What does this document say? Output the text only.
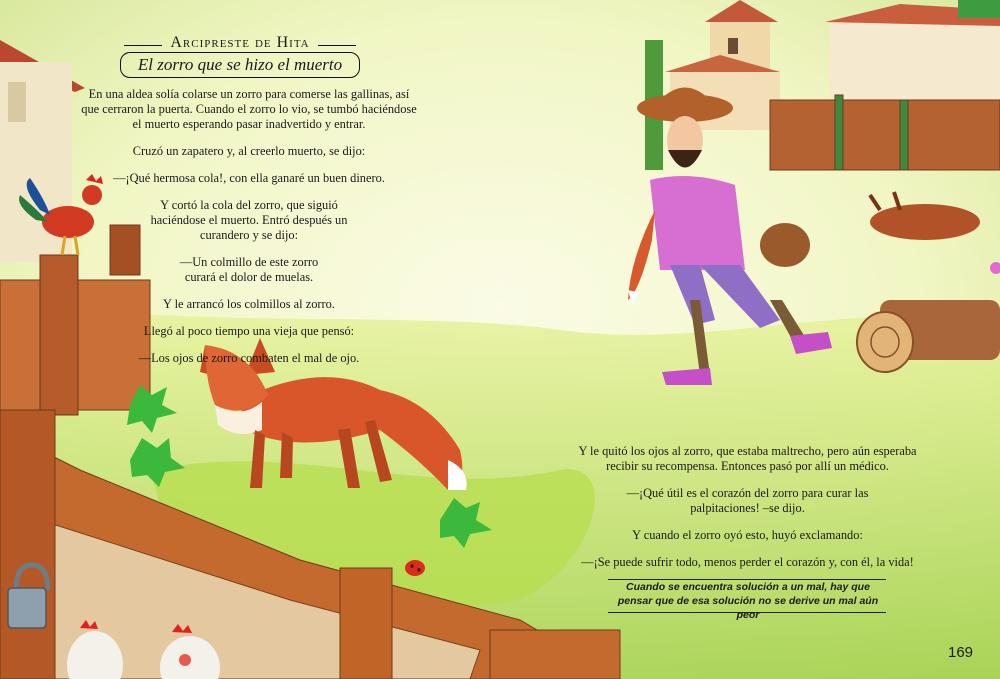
Arcipreste de Hita
El zorro que se hizo el muerto

En una aldea solía colarse un zorro para comerse las gallinas, así que cerraron la puerta. Cuando el zorro lo vio, se tumbó haciéndose el muerto esperando pasar inadvertido y entrar.

Cruzó un zapatero y, al creerlo muerto, se dijo:

—¡Qué hermosa cola!, con ella ganaré un buen dinero.

Y cortó la cola del zorro, que siguió haciéndose el muerto. Entró después un curandero y se dijo:

—Un colmillo de este zorro curará el dolor de muelas.

Y le arrancó los colmillos al zorro.

Llegó al poco tiempo una vieja que pensó:

—Los ojos de zorro combaten el mal de ojo.

Y le quitó los ojos al zorro, que estaba maltrecho, pero aún esperaba recibir su recompensa. Entonces pasó por allí un médico.

—¡Qué útil es el corazón del zorro para curar las palpitaciones! –se dijo.

Y cuando el zorro oyó esto, huyó exclamando:

—¡Se puede sufrir todo, menos perder el corazón y, con él, la vida!

Cuando se encuentra solución a un mal, hay que pensar que de esa solución no se derive un mal aún peor
169
